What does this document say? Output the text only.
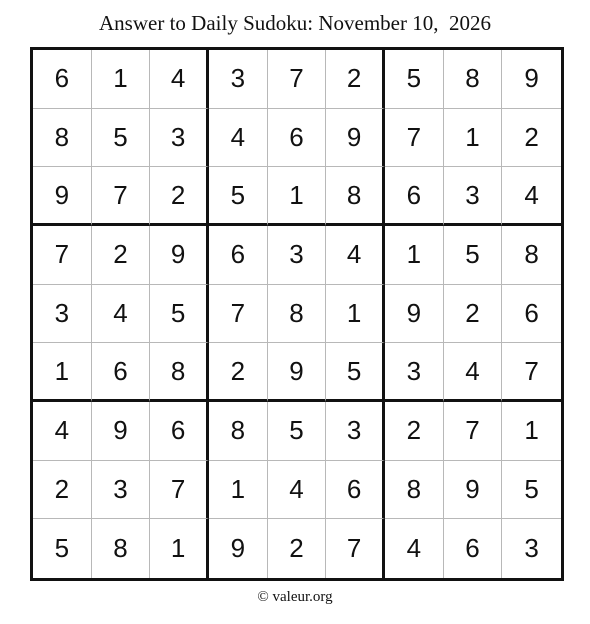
Answer to Daily Sudoku: November 10,  2026
6	1	4	3	7	2	5	8	9
8	5	3	4	6	9	7	1	2
9	7	2	5	1	8	6	3	4
7	2	9	6	3	4	1	5	8
3	4	5	7	8	1	9	2	6
1	6	8	2	9	5	3	4	7
4	9	6	8	5	3	2	7	1
2	3	7	1	4	6	8	9	5
5	8	1	9	2	7	4	6	3
© valeur.org
